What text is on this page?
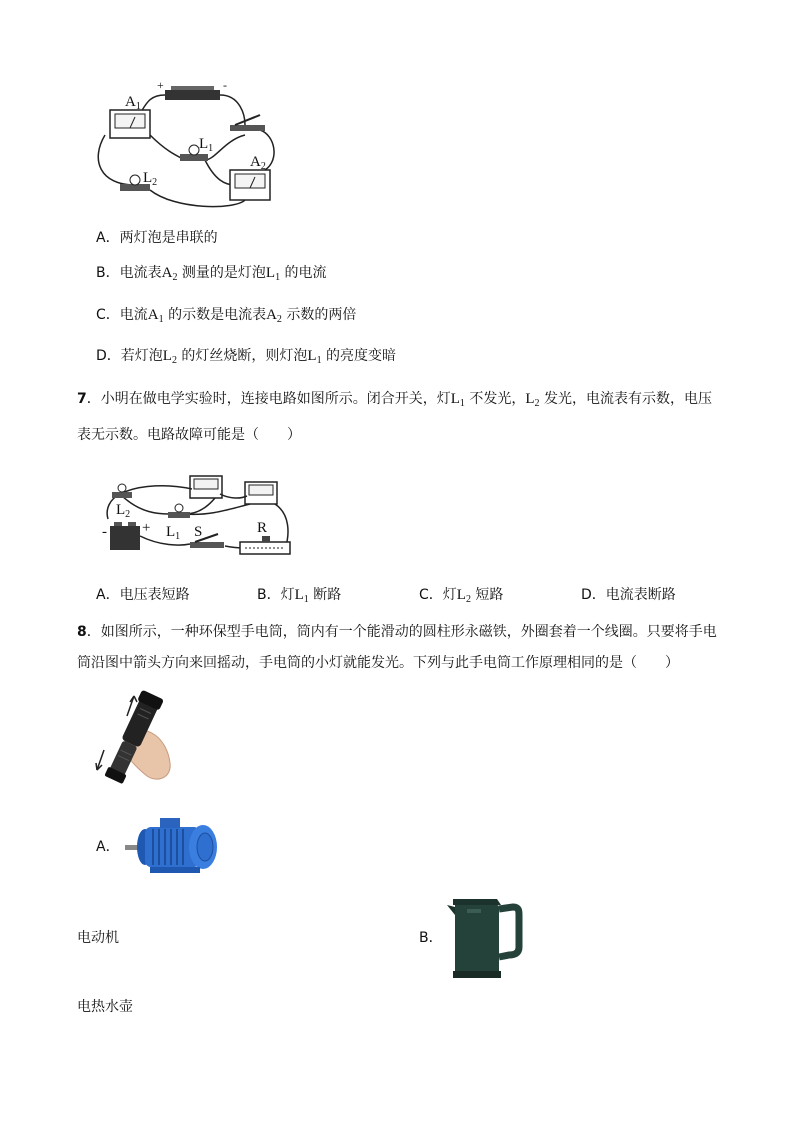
+	-
$A_1$
$L_1$
$A_2$
$L_2$
A．两灯泡是串联的
B．电流表$A_2$ 测量的是灯泡$L_1$ 的电流
C．电流$A_1$ 的示数是电流表$A_2$ 示数的两倍
D．若灯泡$L_2$ 的灯丝烧断，则灯泡$L_1$ 的亮度变暗
7．小明在做电学实验时，连接电路如图所示。闭合开关，灯$L_1$ 不发光，$L_2$ 发光，电流表有示数，电压
表无示数。电路故障可能是（　　）
$L_2$
$L_1$ S	R
- +
A．电压表短路	B．灯$L_1$ 断路	C．灯$L_2$ 短路	D．电流表断路
8．如图所示，一种环保型手电筒，筒内有一个能滑动的圆柱形永磁铁，外圈套着一个线圈。只要将手电
筒沿图中箭头方向来回摇动，手电筒的小灯就能发光。下列与此手电筒工作原理相同的是（　　）
A．
电动机	B．
电热水壶
